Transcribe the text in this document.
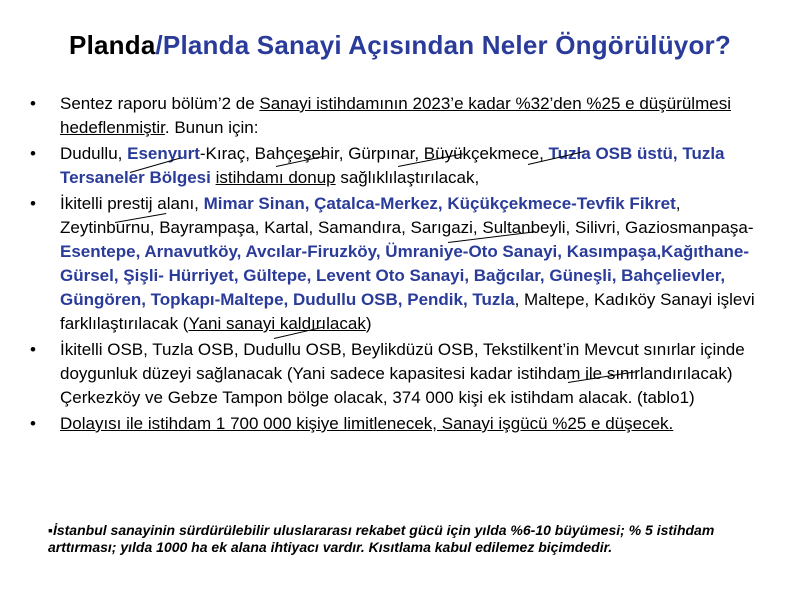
Planda/Planda Sanayi Açısından Neler Öngörülüyor?
• Sentez raporu bölüm’2 de Sanayi istihdamının 2023’e kadar %32’den %25 e düşürülmesi hedeflenmiştir. Bunun için:
• Dudullu, Esenyurt-Kıraç, Bahçeşehir, Gürpınar, Büyükçekmece, Tuzla OSB üstü, Tuzla Tersaneler Bölgesi istihdamı donup sağlıklılaştırılacak,
• İkitelli prestij alanı, Mimar Sinan, Çatalca-Merkez, Küçükçekmece-Tevfik Fikret, Zeytinburnu, Bayrampaşa, Kartal, Samandıra, Sarıgazi, Sultanbeyli, Silivri, Gaziosmanpaşa-Esentepe, Arnavutköy, Avcılar-Firuzköy, Ümraniye-Oto Sanayi, Kasımpaşa,Kağıthane-Gürsel, Şişli- Hürriyet, Gültepe, Levent Oto Sanayi, Bağcılar, Güneşli, Bahçelievler, Güngören, Topkapı-Maltepe, Dudullu OSB, Pendik, Tuzla, Maltepe, Kadıköy Sanayi işlevi farklılaştırılacak (Yani sanayi kaldırılacak)
• İkitelli OSB, Tuzla OSB, Dudullu OSB, Beylikdüzü OSB, Tekstilkent’in Mevcut sınırlar içinde doygunluk düzeyi sağlanacak (Yani sadece kapasitesi kadar istihdam ile sınırlandırılacak) Çerkezköy ve Gebze Tampon bölge olacak, 374 000 kişi ek istihdam alacak. (tablo1)
• Dolayısı ile istihdam 1 700 000 kişiye limitlenecek, Sanayi işgücü %25 e düşecek.
▪İstanbul sanayinin sürdürülebilir uluslararası rekabet gücü için yılda %6-10 büyümesi; % 5 istihdam arttırması; yılda 1000 ha ek alana ihtiyacı vardır. Kısıtlama kabul edilemez biçimdedir.
